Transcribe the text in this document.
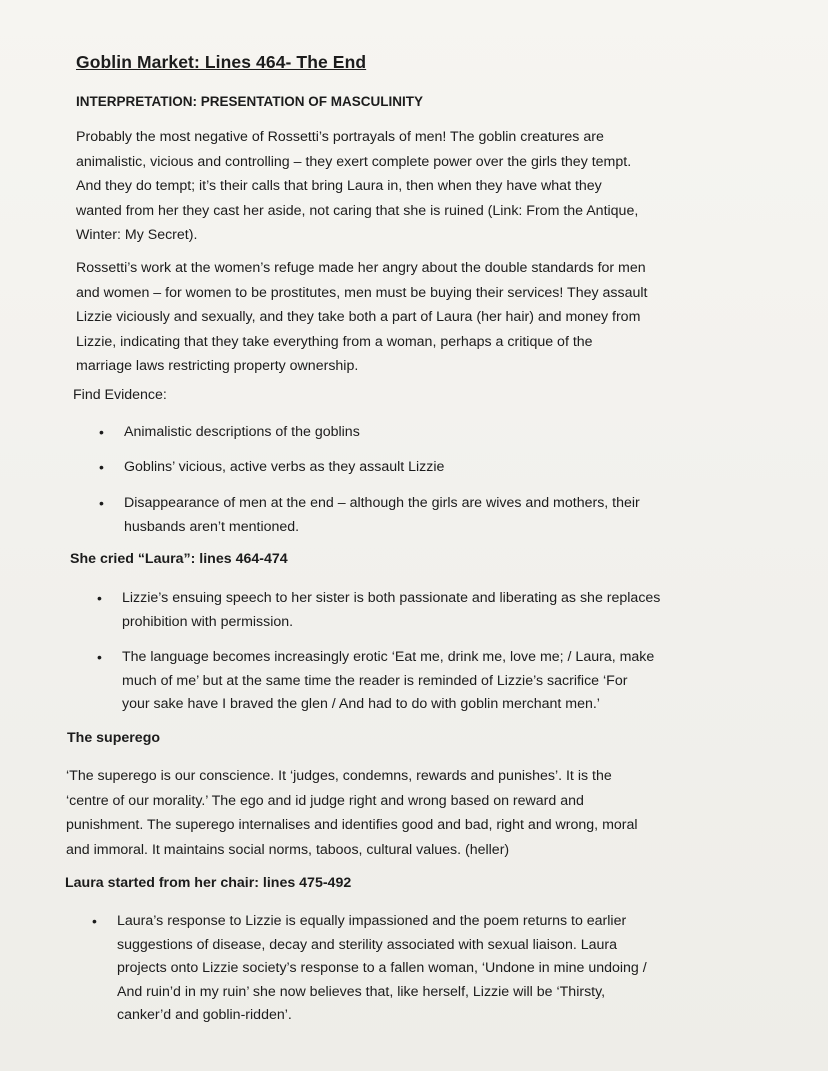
Goblin Market: Lines 464- The End
INTERPRETATION: PRESENTATION OF MASCULINITY
Probably the most negative of Rossetti’s portrayals of men! The goblin creatures are
animalistic, vicious and controlling – they exert complete power over the girls they tempt.
And they do tempt; it’s their calls that bring Laura in, then when they have what they
wanted from her they cast her aside, not caring that she is ruined (Link: From the Antique,
Winter: My Secret).
Rossetti’s work at the women’s refuge made her angry about the double standards for men
and women – for women to be prostitutes, men must be buying their services! They assault
Lizzie viciously and sexually, and they take both a part of Laura (her hair) and money from
Lizzie, indicating that they take everything from a woman, perhaps a critique of the
marriage laws restricting property ownership.
Find Evidence:
• Animalistic descriptions of the goblins
• Goblins’ vicious, active verbs as they assault Lizzie
• Disappearance of men at the end – although the girls are wives and mothers, their
husbands aren’t mentioned.
She cried “Laura”: lines 464-474
• Lizzie’s ensuing speech to her sister is both passionate and liberating as she replaces
prohibition with permission.
• The language becomes increasingly erotic ‘Eat me, drink me, love me; / Laura, make
much of me’ but at the same time the reader is reminded of Lizzie’s sacrifice ‘For
your sake have I braved the glen / And had to do with goblin merchant men.’
The superego
‘The superego is our conscience. It ‘judges, condemns, rewards and punishes’. It is the
‘centre of our morality.’ The ego and id judge right and wrong based on reward and
punishment. The superego internalises and identifies good and bad, right and wrong, moral
and immoral. It maintains social norms, taboos, cultural values. (heller)
Laura started from her chair: lines 475-492
• Laura’s response to Lizzie is equally impassioned and the poem returns to earlier
suggestions of disease, decay and sterility associated with sexual liaison. Laura
projects onto Lizzie society’s response to a fallen woman, ‘Undone in mine undoing /
And ruin’d in my ruin’ she now believes that, like herself, Lizzie will be ‘Thirsty,
canker’d and goblin-ridden’.
